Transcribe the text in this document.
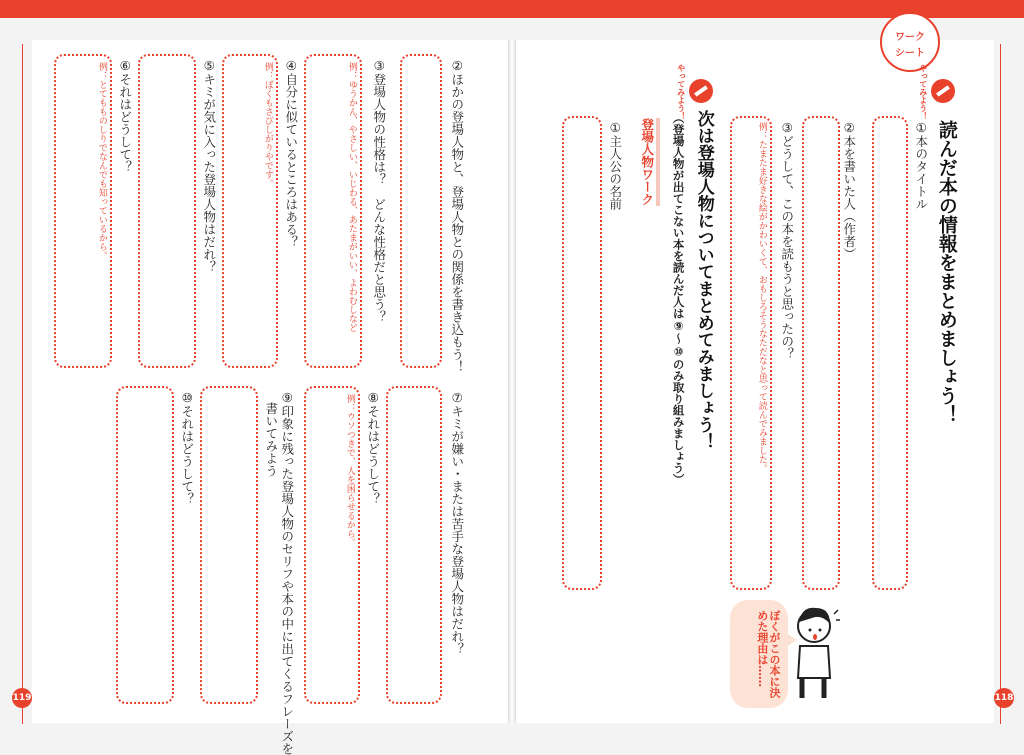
ワーク
シート
やってみよう！
読んだ本の情報をまとめましょう！
①本のタイトル
②本を書いた人（作者）
③どうして、この本を読もうと思ったの？
例：たまたま好きな絵がかわいくて、おもしろそうなただなと思って読んでみました。
ぼくがこの本に決めた理由は……
やってみよう！
次は登場人物についてまとめてみましょう！
（登場人物が出てこない本を読んだ人は⑨〜⑩のみ取り組みましょう）
登場人物ワーク
①主人公の名前
②ほかの登場人物と、登場人物との関係を書き込もう！
③登場人物の性格は？　どんな性格だと思う？
例：ゆうかん、やさしい、いじわる、あたまがいい、よわむしなど
④自分に似ているところはある？
例：ぼくもさびしがりやです。
⑤キミが気に入った登場人物はだれ？
⑥それはどうして？
例：とてもものしりでなんでも知っているから。
⑦キミが嫌い・または苦手な登場人物はだれ？
⑧それはどうして？
例：ウソつきで、人を困らせるから。
⑨印象に残った登場人物のセリフや本の中に出てくるフレーズを
書いてみよう
⑩それはどうして？
119	118
